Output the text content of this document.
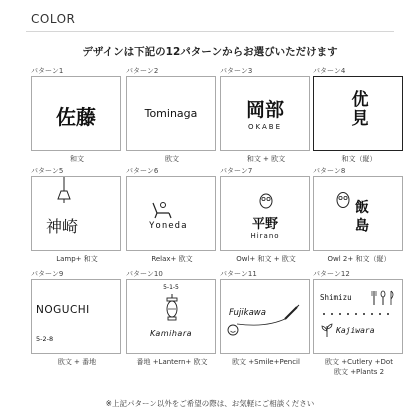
COLOR
デザインは下記の12パターンからお選びいただけます
パターン1
佐藤
和文
パターン2
Tominaga
欧文
パターン3
岡部
OKABE
和文 + 欧文
パターン4
优見
和文（縦）
パターン5
神崎
Lamp+ 和文
パターン6
Yoneda
Relax+ 欧文
パターン7
平野
Hirano
Owl+ 和文 + 欧文
パターン8
飯島
Owl 2+ 和文（縦）
パターン9
NOGUCHI
5-2-8
欧文 + 番地
パターン10
5-1-5
Kamihara
番地 +Lantern+ 欧文
パターン11
Fujikawa
欧文 +Smile+Pencil
パターン12
Shimizu
Kajiwara
欧文 +Cutlery +Dot
欧文 +Plants 2
※上記パターン以外をご希望の際は、お気軽にご相談ください
